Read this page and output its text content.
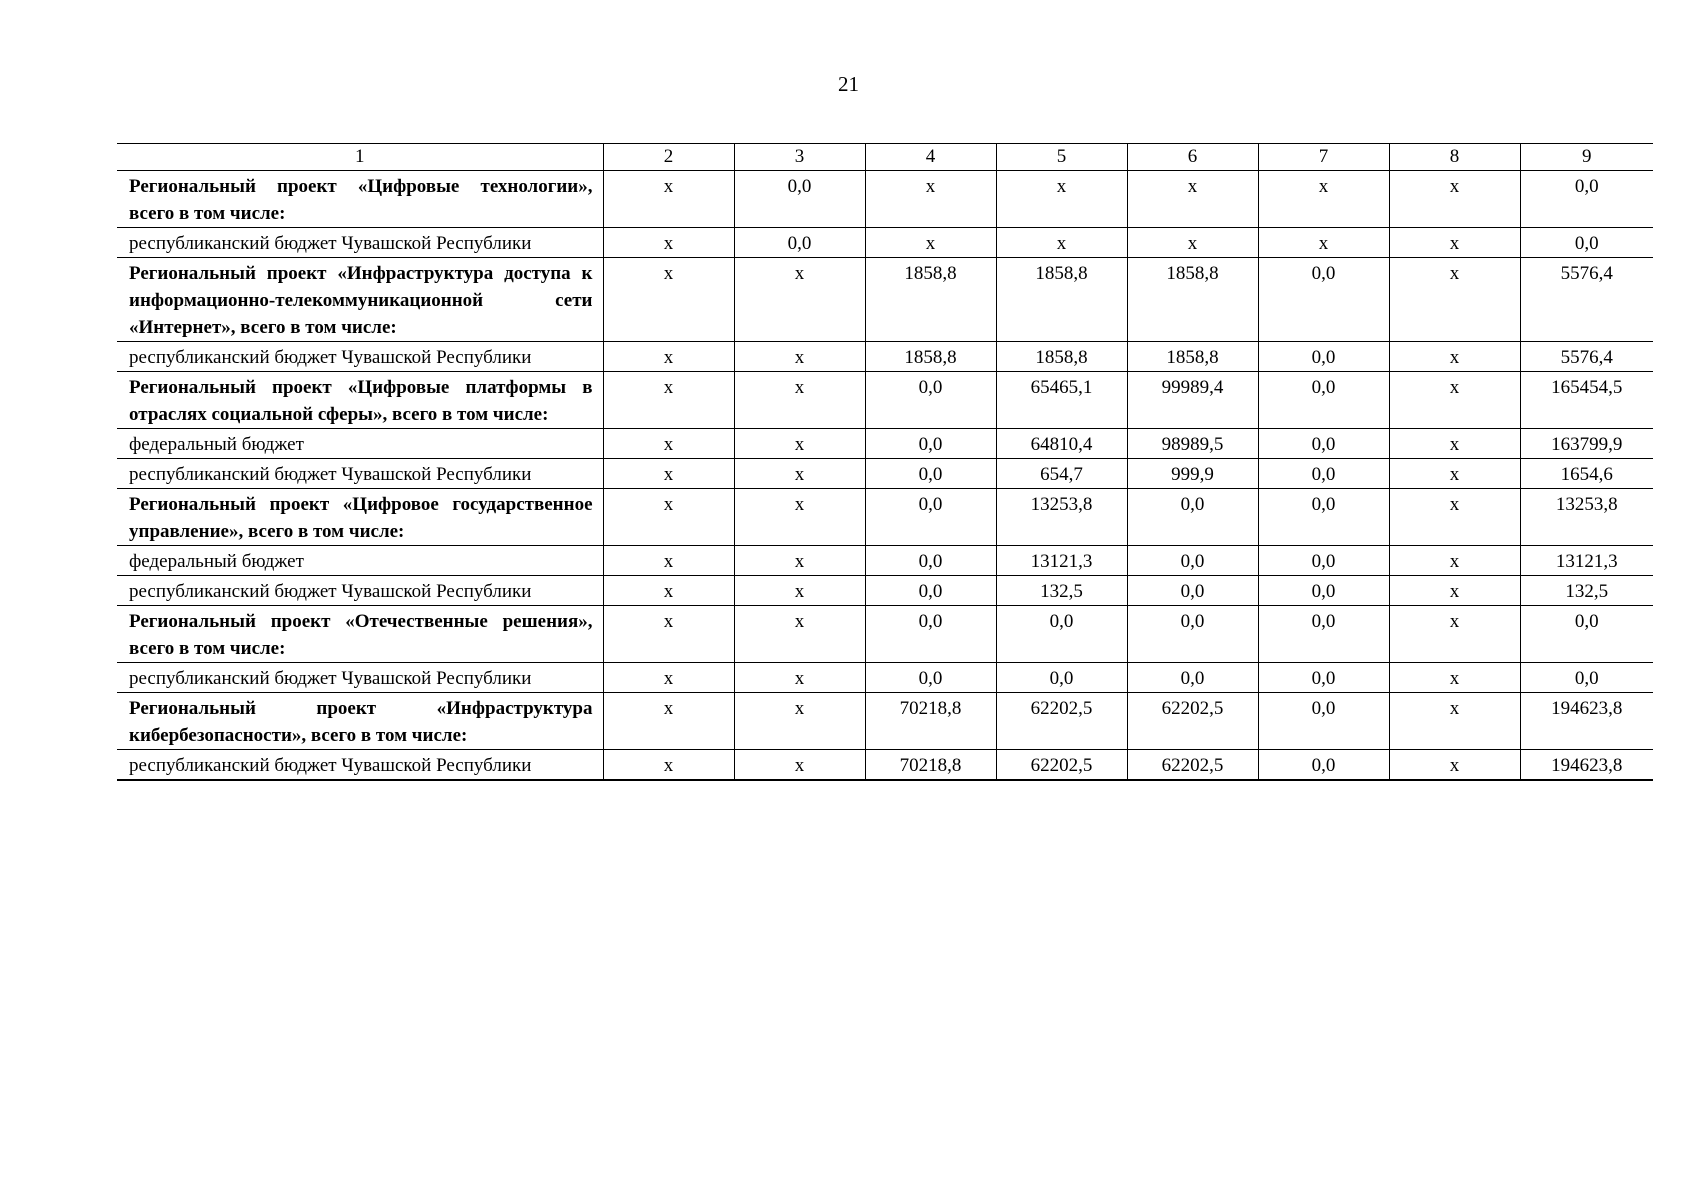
21
1	2	3	4	5	6	7	8	9
Региональный проект «Цифровые технологии», всего в том числе:	х	0,0	х	х	х	х	х	0,0
республиканский бюджет Чувашской Республики	х	0,0	х	х	х	х	х	0,0
Региональный проект «Инфраструктура доступа к информационно-телекоммуникационной сети «Интернет», всего в том числе:	х	х	1858,8	1858,8	1858,8	0,0	х	5576,4
республиканский бюджет Чувашской Республики	х	х	1858,8	1858,8	1858,8	0,0	х	5576,4
Региональный проект «Цифровые платформы в отраслях социальной сферы», всего в том числе:	х	х	0,0	65465,1	99989,4	0,0	х	165454,5
федеральный бюджет	х	х	0,0	64810,4	98989,5	0,0	х	163799,9
республиканский бюджет Чувашской Республики	х	х	0,0	654,7	999,9	0,0	х	1654,6
Региональный проект «Цифровое государственное управление», всего в том числе:	х	х	0,0	13253,8	0,0	0,0	х	13253,8
федеральный бюджет	х	х	0,0	13121,3	0,0	0,0	х	13121,3
республиканский бюджет Чувашской Республики	х	х	0,0	132,5	0,0	0,0	х	132,5
Региональный проект «Отечественные решения», всего в том числе:	х	х	0,0	0,0	0,0	0,0	х	0,0
республиканский бюджет Чувашской Республики	х	х	0,0	0,0	0,0	0,0	х	0,0
Региональный проект «Инфраструктура кибербезопасности», всего в том числе:	х	х	70218,8	62202,5	62202,5	0,0	х	194623,8
республиканский бюджет Чувашской Республики	х	х	70218,8	62202,5	62202,5	0,0	х	194623,8
